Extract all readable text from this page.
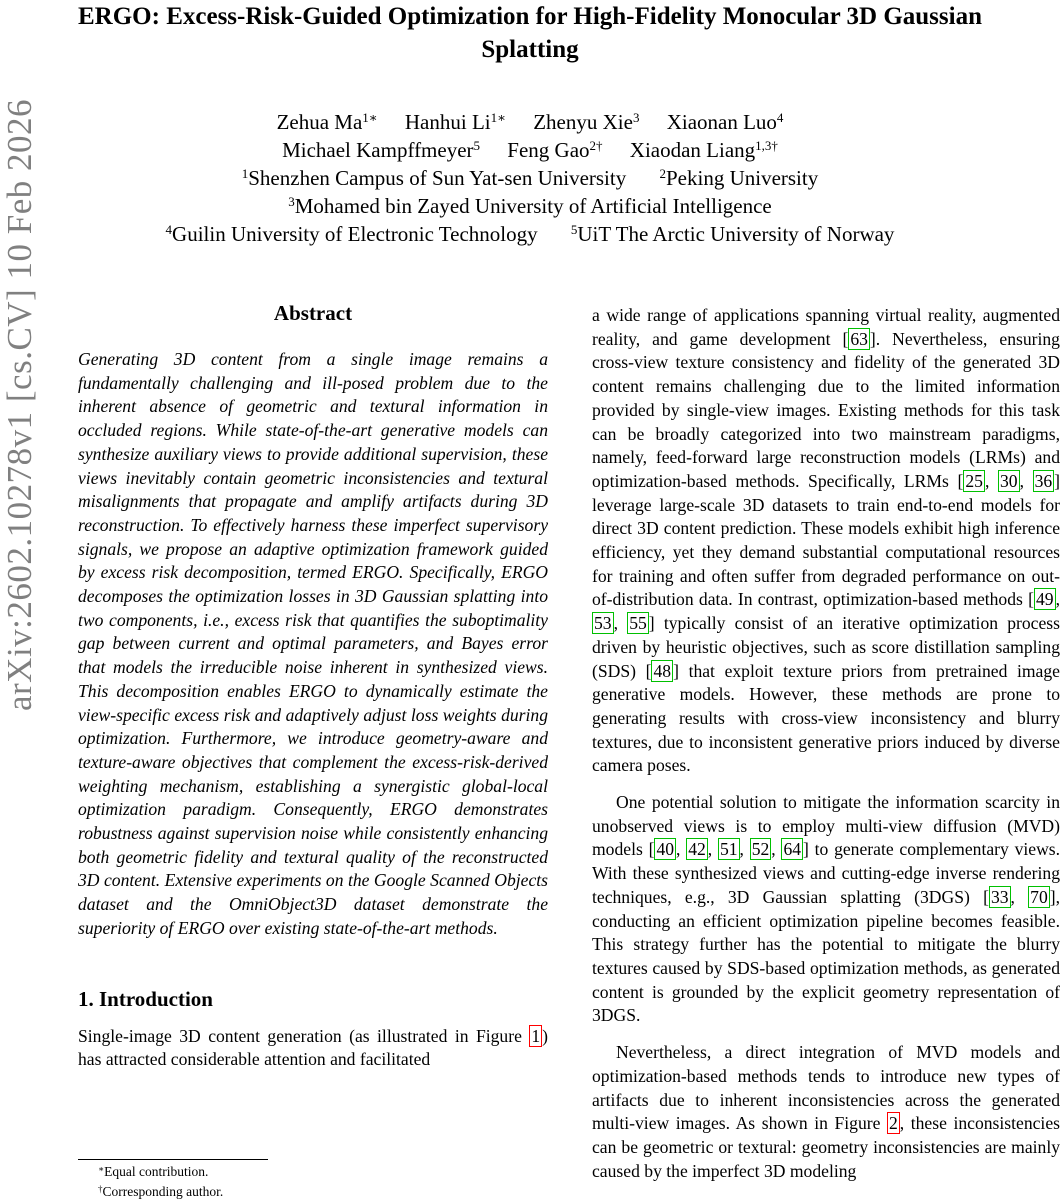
arXiv:2602.10278v1 [cs.CV] 10 Feb 2026
ERGO: Excess-Risk-Guided Optimization for High-Fidelity Monocular 3D Gaussian Splatting
Zehua $Ma^{1∗}$ Hanhui $Li^{1∗}$ Zhenyu Xie$^3$ Xiaonan Luo$^4$
Michael Kampffmeyer$^5$ Feng Gao$^{2\dagger}$ Xiaodan Liang$^{1,3\dagger}$
$^1$Shenzhen Campus of Sun Yat-sen University	$^2$Peking University
$^3$Mohamed bin Zayed University of Artificial Intelligence
$^4$Guilin University of Electronic Technology	$^5$UiT The Arctic University of Norway
Abstract

Generating 3D content from a single image remains a fundamentally challenging and ill-posed problem due to the inherent absence of geometric and textural information in occluded regions. While state-of-the-art generative models can synthesize auxiliary views to provide additional supervision, these views inevitably contain geometric inconsistencies and textural misalignments that propagate and amplify artifacts during 3D reconstruction. To effectively harness these imperfect supervisory signals, we propose an adaptive optimization framework guided by excess risk decomposition, termed ERGO. Specifically, ERGO decomposes the optimization losses in 3D Gaussian splatting into two components, i.e., excess risk that quantifies the suboptimality gap between current and optimal parameters, and Bayes error that models the irreducible noise inherent in synthesized views. This decomposition enables ERGO to dynamically estimate the view-specific excess risk and adaptively adjust loss weights during optimization. Furthermore, we introduce geometry-aware and texture-aware objectives that complement the excess-risk-derived weighting mechanism, establishing a synergistic global-local optimization paradigm. Consequently, ERGO demonstrates robustness against supervision noise while consistently enhancing both geometric fidelity and textural quality of the reconstructed 3D content. Extensive experiments on the Google Scanned Objects dataset and the OmniObject3D dataset demonstrate the superiority of ERGO over existing state-of-the-art methods.

1. Introduction

Single-image 3D content generation (as illustrated in Figure 1 ) has attracted considerable attention and facilitated

a wide range of applications spanning virtual reality, augmented reality, and game development [ 63 ]. Nevertheless, ensuring cross-view texture consistency and fidelity of the generated 3D content remains challenging due to the limited information provided by single-view images. Existing methods for this task can be broadly categorized into two mainstream paradigms, namely, feed-forward large reconstruction models (LRMs) and optimization-based methods. Specifically, LRMs [ 25 , 30 , 36 ] leverage large-scale 3D datasets to train end-to-end models for direct 3D content prediction. These models exhibit high inference efficiency, yet they demand substantial computational resources for training and often suffer from degraded performance on out-of-distribution data. In contrast, optimization-based methods [ 49 , 53 , 55 ] typically consist of an iterative optimization process driven by heuristic objectives, such as score distillation sampling (SDS) [ 48 ] that exploit texture priors from pretrained image generative models. However, these methods are prone to generating results with cross-view inconsistency and blurry textures, due to inconsistent generative priors induced by diverse camera poses.

One potential solution to mitigate the information scarcity in unobserved views is to employ multi-view diffusion (MVD) models [ 40 , 42 , 51 , 52 , 64 ] to generate complementary views. With these synthesized views and cutting-edge inverse rendering techniques, e.g., 3D Gaussian splatting (3DGS) [ 33 , 70 ], conducting an efficient optimization pipeline becomes feasible. This strategy further has the potential to mitigate the blurry textures caused by SDS-based optimization methods, as generated content is grounded by the explicit geometry representation of 3DGS.

Nevertheless, a direct integration of MVD models and optimization-based methods tends to introduce new types of artifacts due to inherent inconsistencies across the generated multi-view images. As shown in Figure 2 , these inconsistencies can be geometric or textural: geometry inconsistencies are mainly caused by the imperfect 3D modeling

∗Equal contribution.
†Corresponding author.
